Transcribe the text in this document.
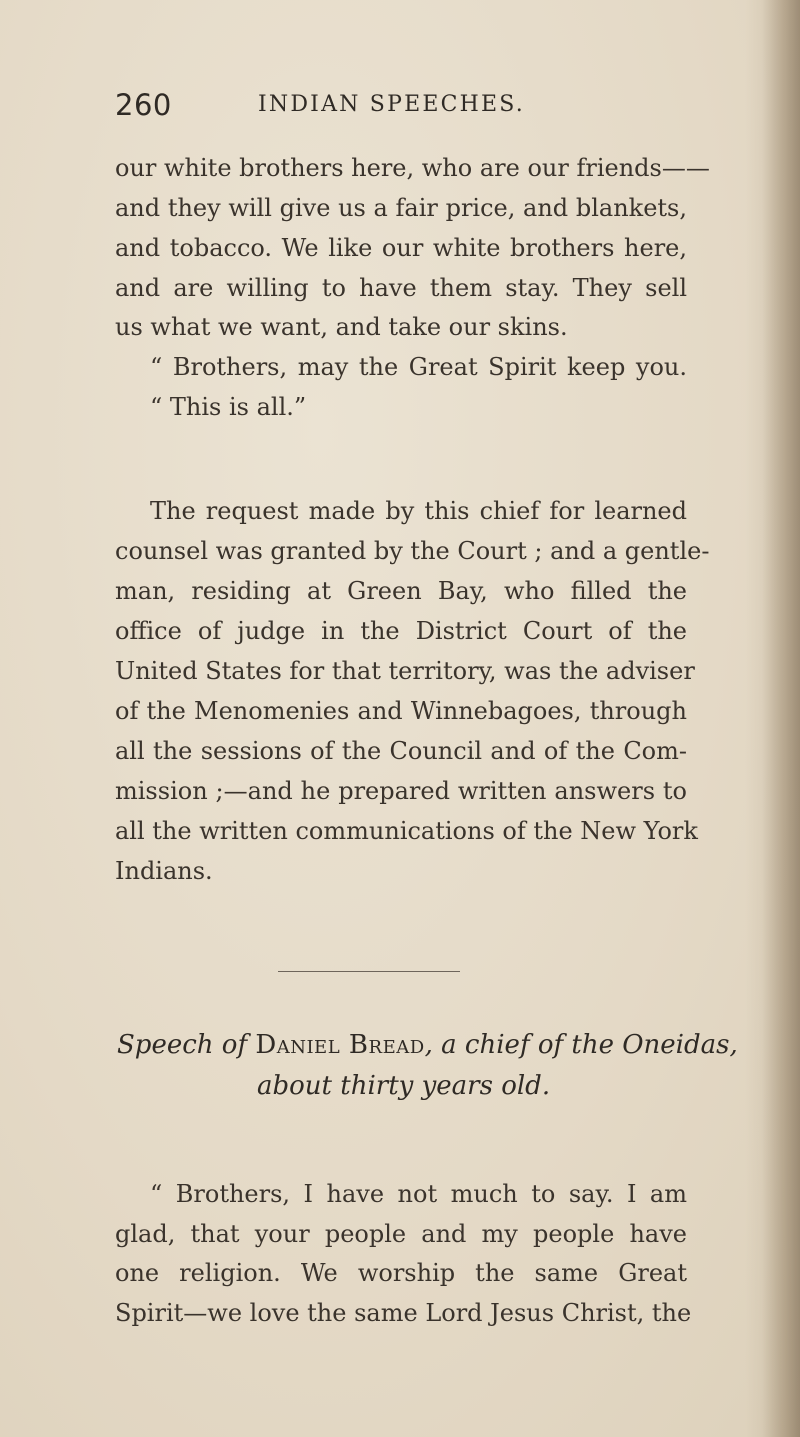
260	INDIAN SPEECHES.
our white brothers here, who are our friends——
and they will give us a fair price, and blankets,
and tobacco. We like our white brothers here,
and are willing to have them stay. They sell
us what we want, and take our skins.
“ Brothers, may the Great Spirit keep you.
“ This is all.”
The request made by this chief for learned
counsel was granted by the Court ; and a gentle-
man, residing at Green Bay, who filled the
office of judge in the District Court of the
United States for that territory, was the adviser
of the Menomenies and Winnebagoes, through
all the sessions of the Council and of the Com-
mission ;—and he prepared written answers to
all the written communications of the New York
Indians.
Speech of Daniel Bread, a chief of the Oneidas,
about thirty years old.
“ Brothers, I have not much to say. I am
glad, that your people and my people have
one religion. We worship the same Great
Spirit—we love the same Lord Jesus Christ, the
